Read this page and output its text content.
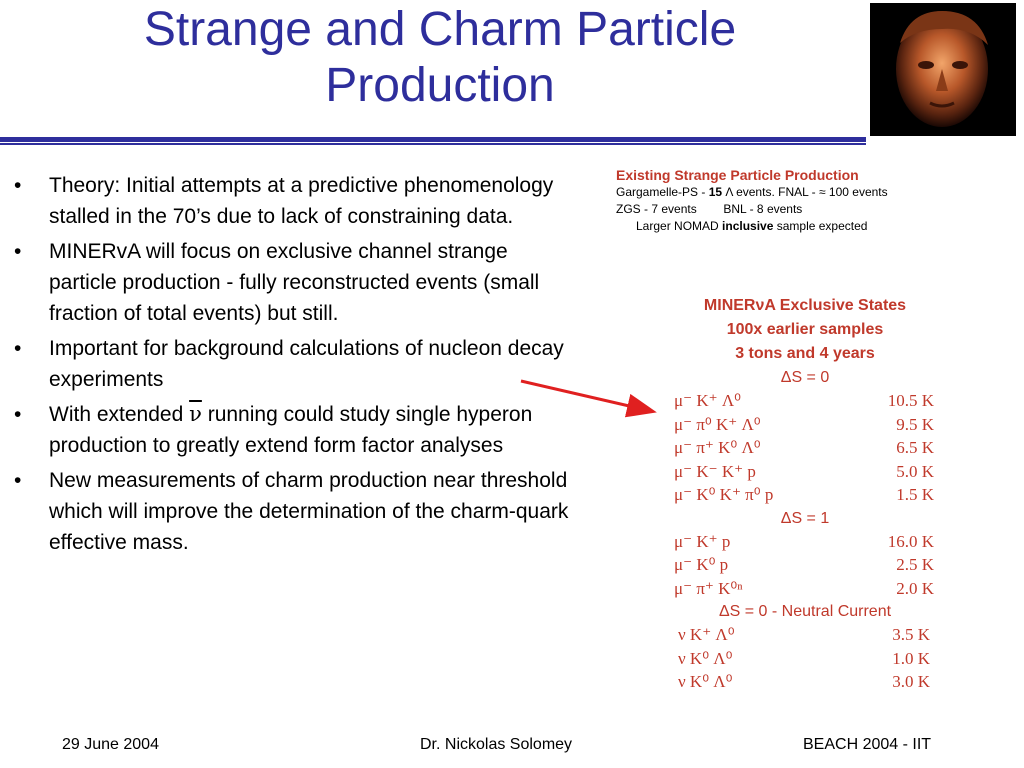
Strange and Charm Particle Production
• Theory: Initial attempts at a predictive phenomenology stalled in the 70’s due to lack of constraining data.
• MINERvA will focus on exclusive channel strange particle production - fully reconstructed events (small fraction of total events) but still.
• Important for background calculations of nucleon decay experiments
• With extended $\overline{\nu}$ running could study single hyperon production to greatly extend form factor analyses
• New measurements of charm production near threshold which will improve the determination of the charm-quark effective mass.
Existing Strange Particle Production
Gargamelle-PS - 15 Λ events. FNAL - ≈ 100 events
ZGS - 7 events        BNL - 8 events
Larger NOMAD inclusive sample expected
MINERνA Exclusive States
100x earlier samples
3 tons and 4 years
ΔS = 0
μ⁻ K⁺ Λ⁰	10.5 K
μ⁻ π⁰ K⁺ Λ⁰	9.5 K
μ⁻ π⁺ K⁰ Λ⁰	6.5 K
μ⁻ K⁻ K⁺ p	5.0 K
μ⁻ K⁰ K⁺ π⁰ p	1.5 K
ΔS = 1
μ⁻ K⁺ p	16.0 K
μ⁻ K⁰ p	2.5 K
μ⁻ π⁺ K⁰ⁿ	2.0 K
ΔS = 0 - Neutral Current
ν K⁺ Λ⁰	3.5 K
ν K⁰ Λ⁰	1.0 K
ν K⁰ Λ⁰	3.0 K
29 June 2004	Dr. Nickolas Solomey	BEACH 2004 - IIT
